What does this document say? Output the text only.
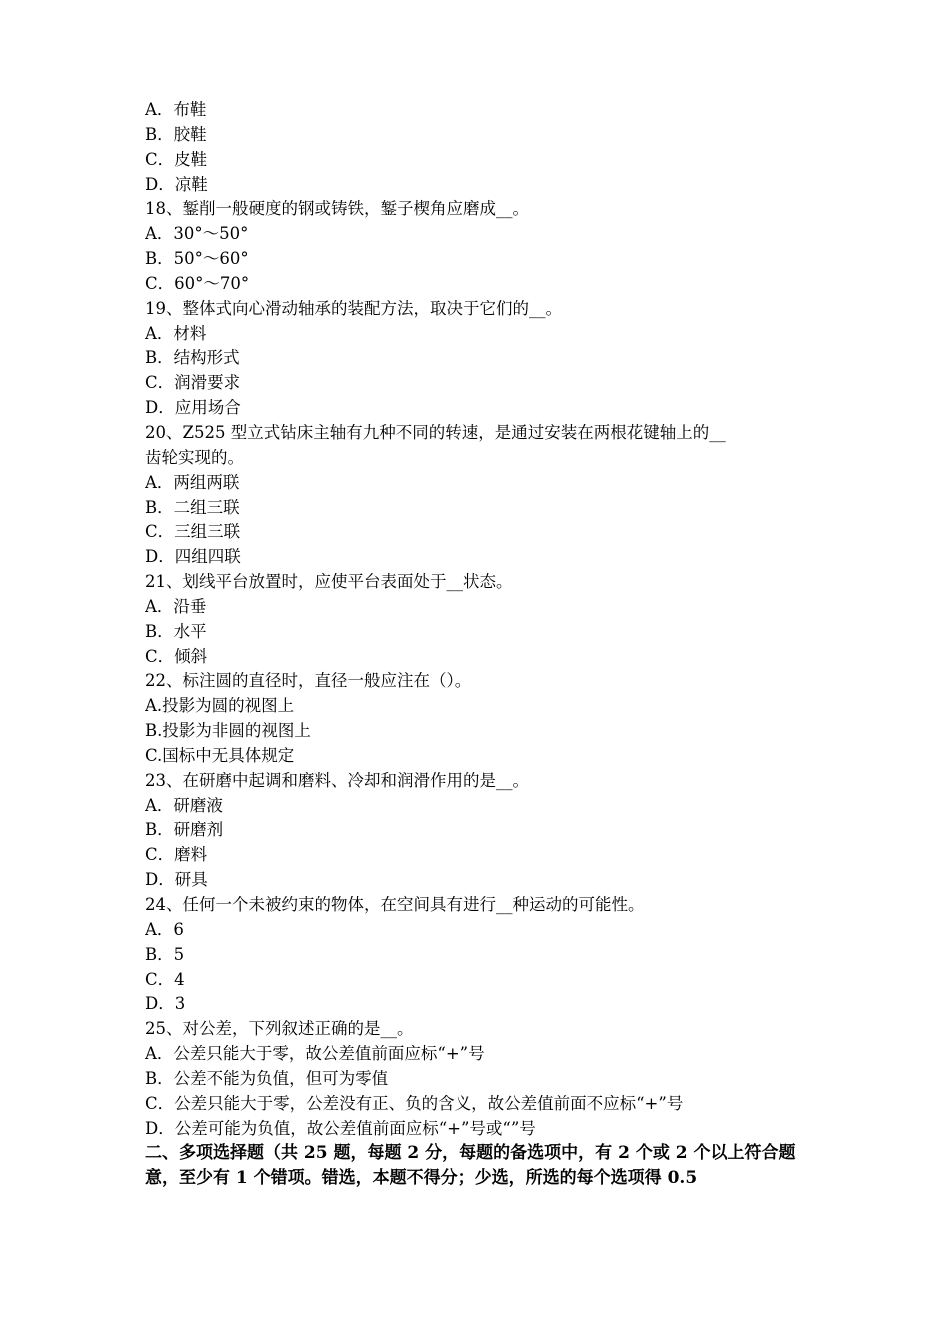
A．布鞋
B．胶鞋
C．皮鞋
D．凉鞋
18、錾削一般硬度的钢或铸铁，錾子楔角应磨成__。
A．30°～50°
B．50°～60°
C．60°～70°
19、整体式向心滑动轴承的装配方法，取决于它们的__。
A．材料
B．结构形式
C．润滑要求
D．应用场合
20、Z525 型立式钻床主轴有九种不同的转速，是通过安装在两根花键轴上的__
齿轮实现的。
A．两组两联
B．二组三联
C．三组三联
D．四组四联
21、划线平台放置时，应使平台表面处于__状态。
A．沿垂
B．水平
C．倾斜
22、标注圆的直径时，直径一般应注在（）。
A.投影为圆的视图上
B.投影为非圆的视图上
C.国标中无具体规定
23、在研磨中起调和磨料、冷却和润滑作用的是__。
A．研磨液
B．研磨剂
C．磨料
D．研具
24、任何一个未被约束的物体，在空间具有进行__种运动的可能性。
A．6
B．5
C．4
D．3
25、对公差，下列叙述正确的是__。
A．公差只能大于零，故公差值前面应标“+”号
B．公差不能为负值，但可为零值
C．公差只能大于零，公差没有正、负的含义，故公差值前面不应标“+”号
D．公差可能为负值，故公差值前面应标“+”号或“”号
二、多项选择题（共 25 题，每题 2 分，每题的备选项中，有 2 个或 2 个以上符合题意，至少有 1 个错项。错选，本题不得分；少选，所选的每个选项得 0.5
